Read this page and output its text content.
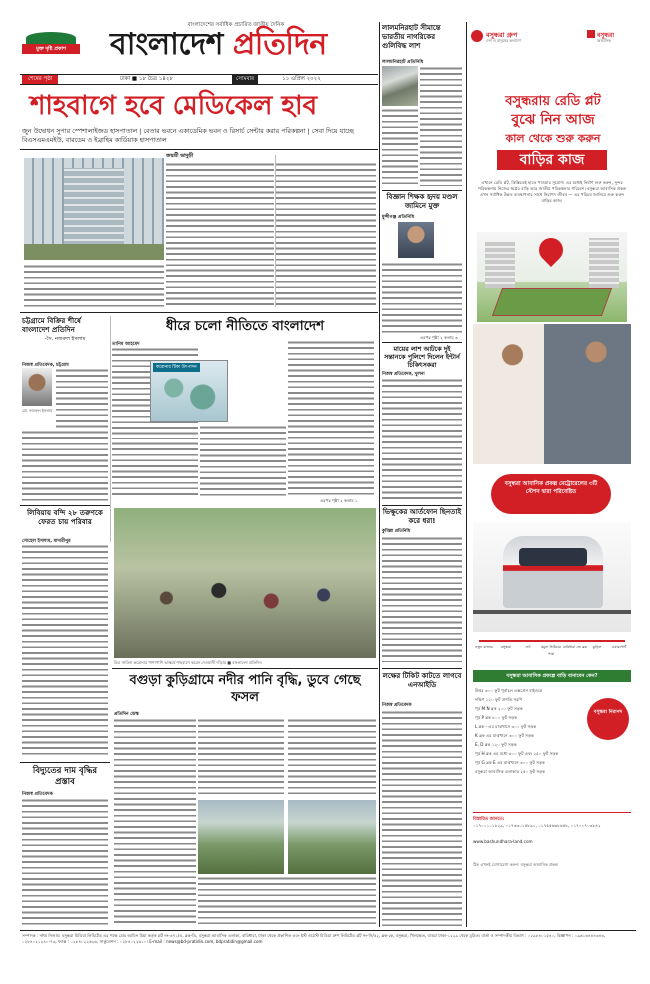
মুক্ত দৃষ্টি প্রকাশ
বাংলাদেশের সর্বাধিক প্রচারিত জাতীয় দৈনিক
বাংলাদেশ প্রতিদিন
শেষের পৃষ্ঠা	ঢাকা ■ ১৮ চৈত্র ১৪২৮	সোমবার	১১ এপ্রিল ২০২২
শাহবাগে হবে মেডিকেল হাব
জুন উদ্বোধন সুপার স্পেশালাইজড হাসপাতাল | বেতার ভবনে একাডেমিক ভবন ও রিসার্চ সেন্টার করার পরিকল্পনা | সেবা দিয়ে যাচ্ছে বিএসএমএমইউ, বারডেম ও ইব্রাহিম কার্ডিয়াক হাসপাতাল
জয়শ্রী ভাদুড়ী
লালমনিরহাট সীমান্তে ভারতীয় নাগরিকের গুলিবিদ্ধ লাশ
লালমনিরহাট প্রতিনিধি
বিজ্ঞান শিক্ষক হৃদয় মণ্ডল জামিনে মুক্ত
মুন্সীগঞ্জ প্রতিনিধি
এরপর পৃষ্ঠা ২ কলাম ৩
চট্টগ্রামে বিক্রির শীর্ষে বাংলাদেশ প্রতিদিন
-সৈ. নজরুল ইসলাম
নিজস্ব প্রতিবেদক, চট্টগ্রাম
মো. নজরুল ইসলাম
ধীরে চলো নীতিতে বাংলাদেশ
তানিম আহমেদ
করোনার টিকা উৎপাদন
এরপর পৃষ্ঠা ২ কলাম ১
লিবিয়ায় বন্দি ২৮ তরুণকে ফেরত চায় পরিবার
সোহেল ইসলাম, মাদারীপুর
চিত্র সাবিনা করোনার পাশাপাশি ভাস্কর্যে শাহবাগে করেন দেওয়ানী দাঁড়ায় ■ বাংলাদেশ প্রতিদিন
বগুড়া কুড়িগ্রামে নদীর পানি বৃদ্ধি, ডুবে গেছে ফসল
প্রতিদিন ডেস্ক
বিদ্যুতের দাম বৃদ্ধির প্রস্তাব
নিজস্ব প্রতিবেদক
মায়ের লাশ আটকে দুই সন্তানকে পুলিশে দিলেন ইন্টার্ন চিকিৎসকরা
নিজস্ব প্রতিবেদক, খুলনা
ভিক্ষুকের আর্তফোন ছিনতাই করে ধরা!
কুমিল্লা প্রতিনিধি
লক্ষের টিকিট কাটতে লাগবে এনআইডি
নিজস্ব প্রতিবেদক
বসুন্ধরা গ্রুপ
দেশ ও মানুষের কল্যাণে
বসুন্ধরা
আবাসিক
বসুন্ধরায় রেডি প্লট
বুঝে নিন আজ
কাল থেকে শুরু করুন
বাড়ির কাজ
এখানে রেডি প্লট, কিস্তিতেই হাতে পাওয়ার সুযোগ। এর মধ্যেই নির্মাণ শুরু করুন, সুন্দর পরিকল্পনায় নিজের স্বপ্নের বাড়ি আর জাতীয় পরিকল্পনার পরিবেশ। বসুন্ধরা আবাসিক প্রকল্প এখন সর্বাধিক উন্নত ব্যবস্থাপনার সাথে নিরাপদ জীবন — এর পরিচয় জানিয়ে শুরু করুন বাড়ির কাজ।
বসুন্ধরা আবাসিক প্রকল্প মেট্রোরেলের ৩টি স্টেশন দ্বারা পরিবেষ্টিত
নতুন বাজার	বসুন্ধরা	নর্দা	যমুনা ফিউচার পার্ক
বারিধারা জে ব্লক	কুড়িল	এয়ারপোর্ট
বসুন্ধরা আবাসিক প্রকল্পে বাড়ি বানাবেন কেন?
উত্তর ৩০০ ফুট পূর্বাচল এক্সপ্রেস হাইওয়ে
দক্ষিণ ১২০ ফুট প্রগতি সরণি
পূর্ব M N ব্লক ২০০ ফুট সড়ক
পূর্ব P ব্লক ৮০০ ফুট সড়ক
L ব্লক - এর মাঝখানে ৩০০ ফুট সড়ক
K ব্লক এর মাঝখানে ৩০০ ফুট সড়ক
E, D ব্লক ১২০ ফুট সড়ক
পূর্ব H ব্লক এর মধ্যে ৩০০ ফুট এবং ২৫০ ফুট সড়ক
পূর্ব G ব্লক E এর মাঝখানে ৩০০ ফুট সড়ক
বসুন্ধরা আবাসিক এলাকার ২৫০ ফুট সড়ক
বসুন্ধরা নিরাপদ
বিস্তারিত জানতে:
০১৭০০১০১৮২৯, ০১৭৩৩০১৫৮৯০, ০১৭৫৫৬৬৮৬৫৮, ০১৭০০৭০৩৮৪২
www.bashundhara-land.com
ঠিক এখনই যোগাযোগ করুন: বসুন্ধরা আবাসিক প্রকল্প
সম্পাদক : নঈম নিজাম। বসুন্ধরা মিডিয়া লিমিটেড এর পক্ষে মোঃ আমিন মিয়া কর্তৃক প্লট নং-৩৭১/এ, ব্লক-ডি, বসুন্ধরা আবাসিক এলাকা, বারিধারা, ঢাকা থেকে প্রকাশিত এবং ইস্ট ওয়েস্ট মিডিয়া গ্রুপ লিমিটেড প্লট নং-সি/৫২, ব্লক-কে, বসুন্ধরা, খিলক্ষেত, বাড্ডা ঢাকা-১২২৯ থেকে মুদ্রিত। বার্তা ও সম্পাদকীয় বিভাগ : ০২৯৮৪০১৫৪০, বিজ্ঞাপন : ০৯৬১৩৪৪৪৩৪৩, ০২৮৪০২১২৪০-৭৩, ফ্যাক্স : ০২৮৪০২২৬২৬, সার্কুলেশন : ০২৮৪০২২৬১০। E-mail : news@bd-pratidin.com, bdpratidin@gmail.com
